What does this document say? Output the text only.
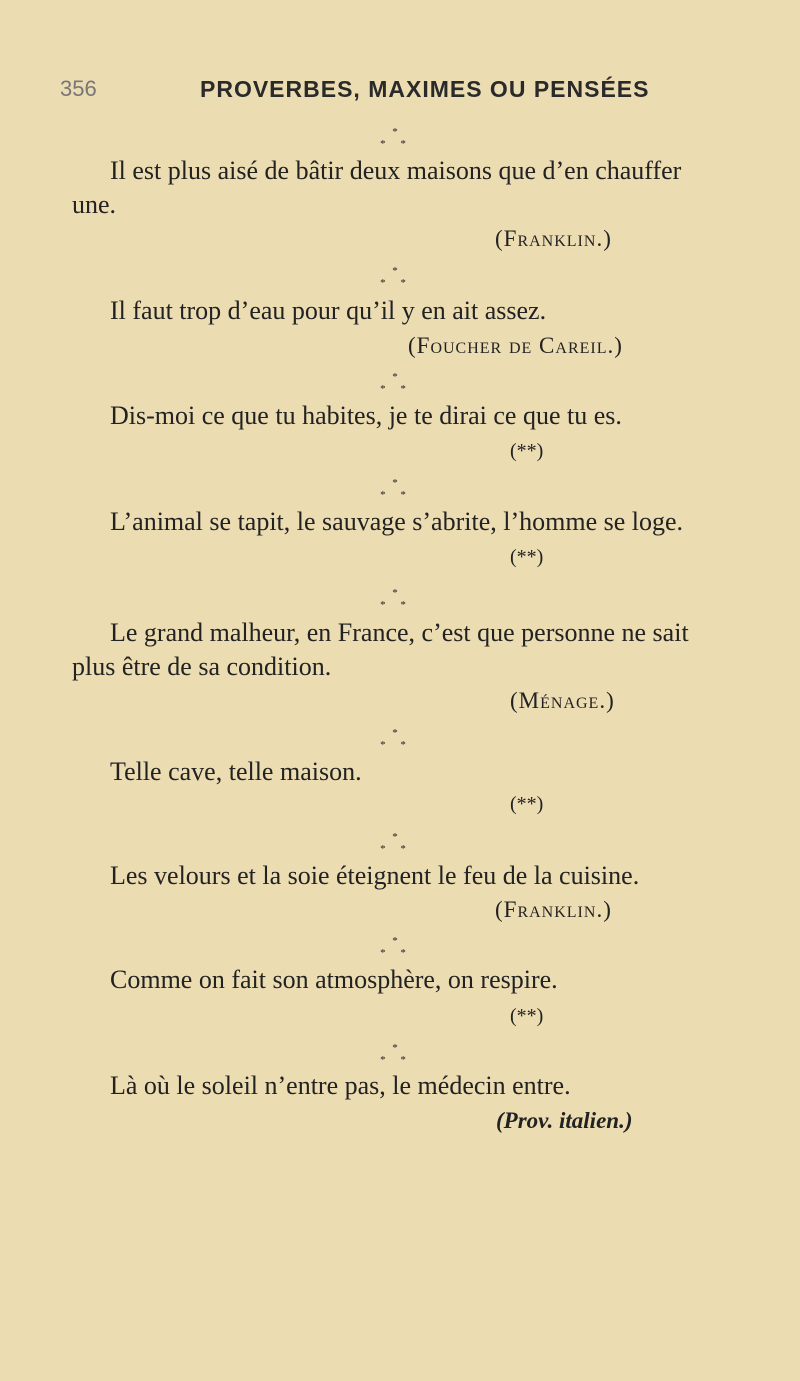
356	PROVERBES, MAXIMES OU PENSÉES
*
* *
Il est plus aisé de bâtir deux maisons que d’en chauffer
une.
(Franklin.)
*
* *
Il faut trop d’eau pour qu’il y en ait assez.
(Foucher de Careil.)
*
* *
Dis-moi ce que tu habites, je te dirai ce que tu es.
(**)
*
* *
L’animal se tapit, le sauvage s’abrite, l’homme se loge.
(**)
*
* *
Le grand malheur, en France, c’est que personne ne sait
plus être de sa condition.
(Ménage.)
*
* *
Telle cave, telle maison.
(**)
*
* *
Les velours et la soie éteignent le feu de la cuisine.
(Franklin.)
*
* *
Comme on fait son atmosphère, on respire.
(**)
*
* *
Là où le soleil n’entre pas, le médecin entre.
(Prov. italien.)
